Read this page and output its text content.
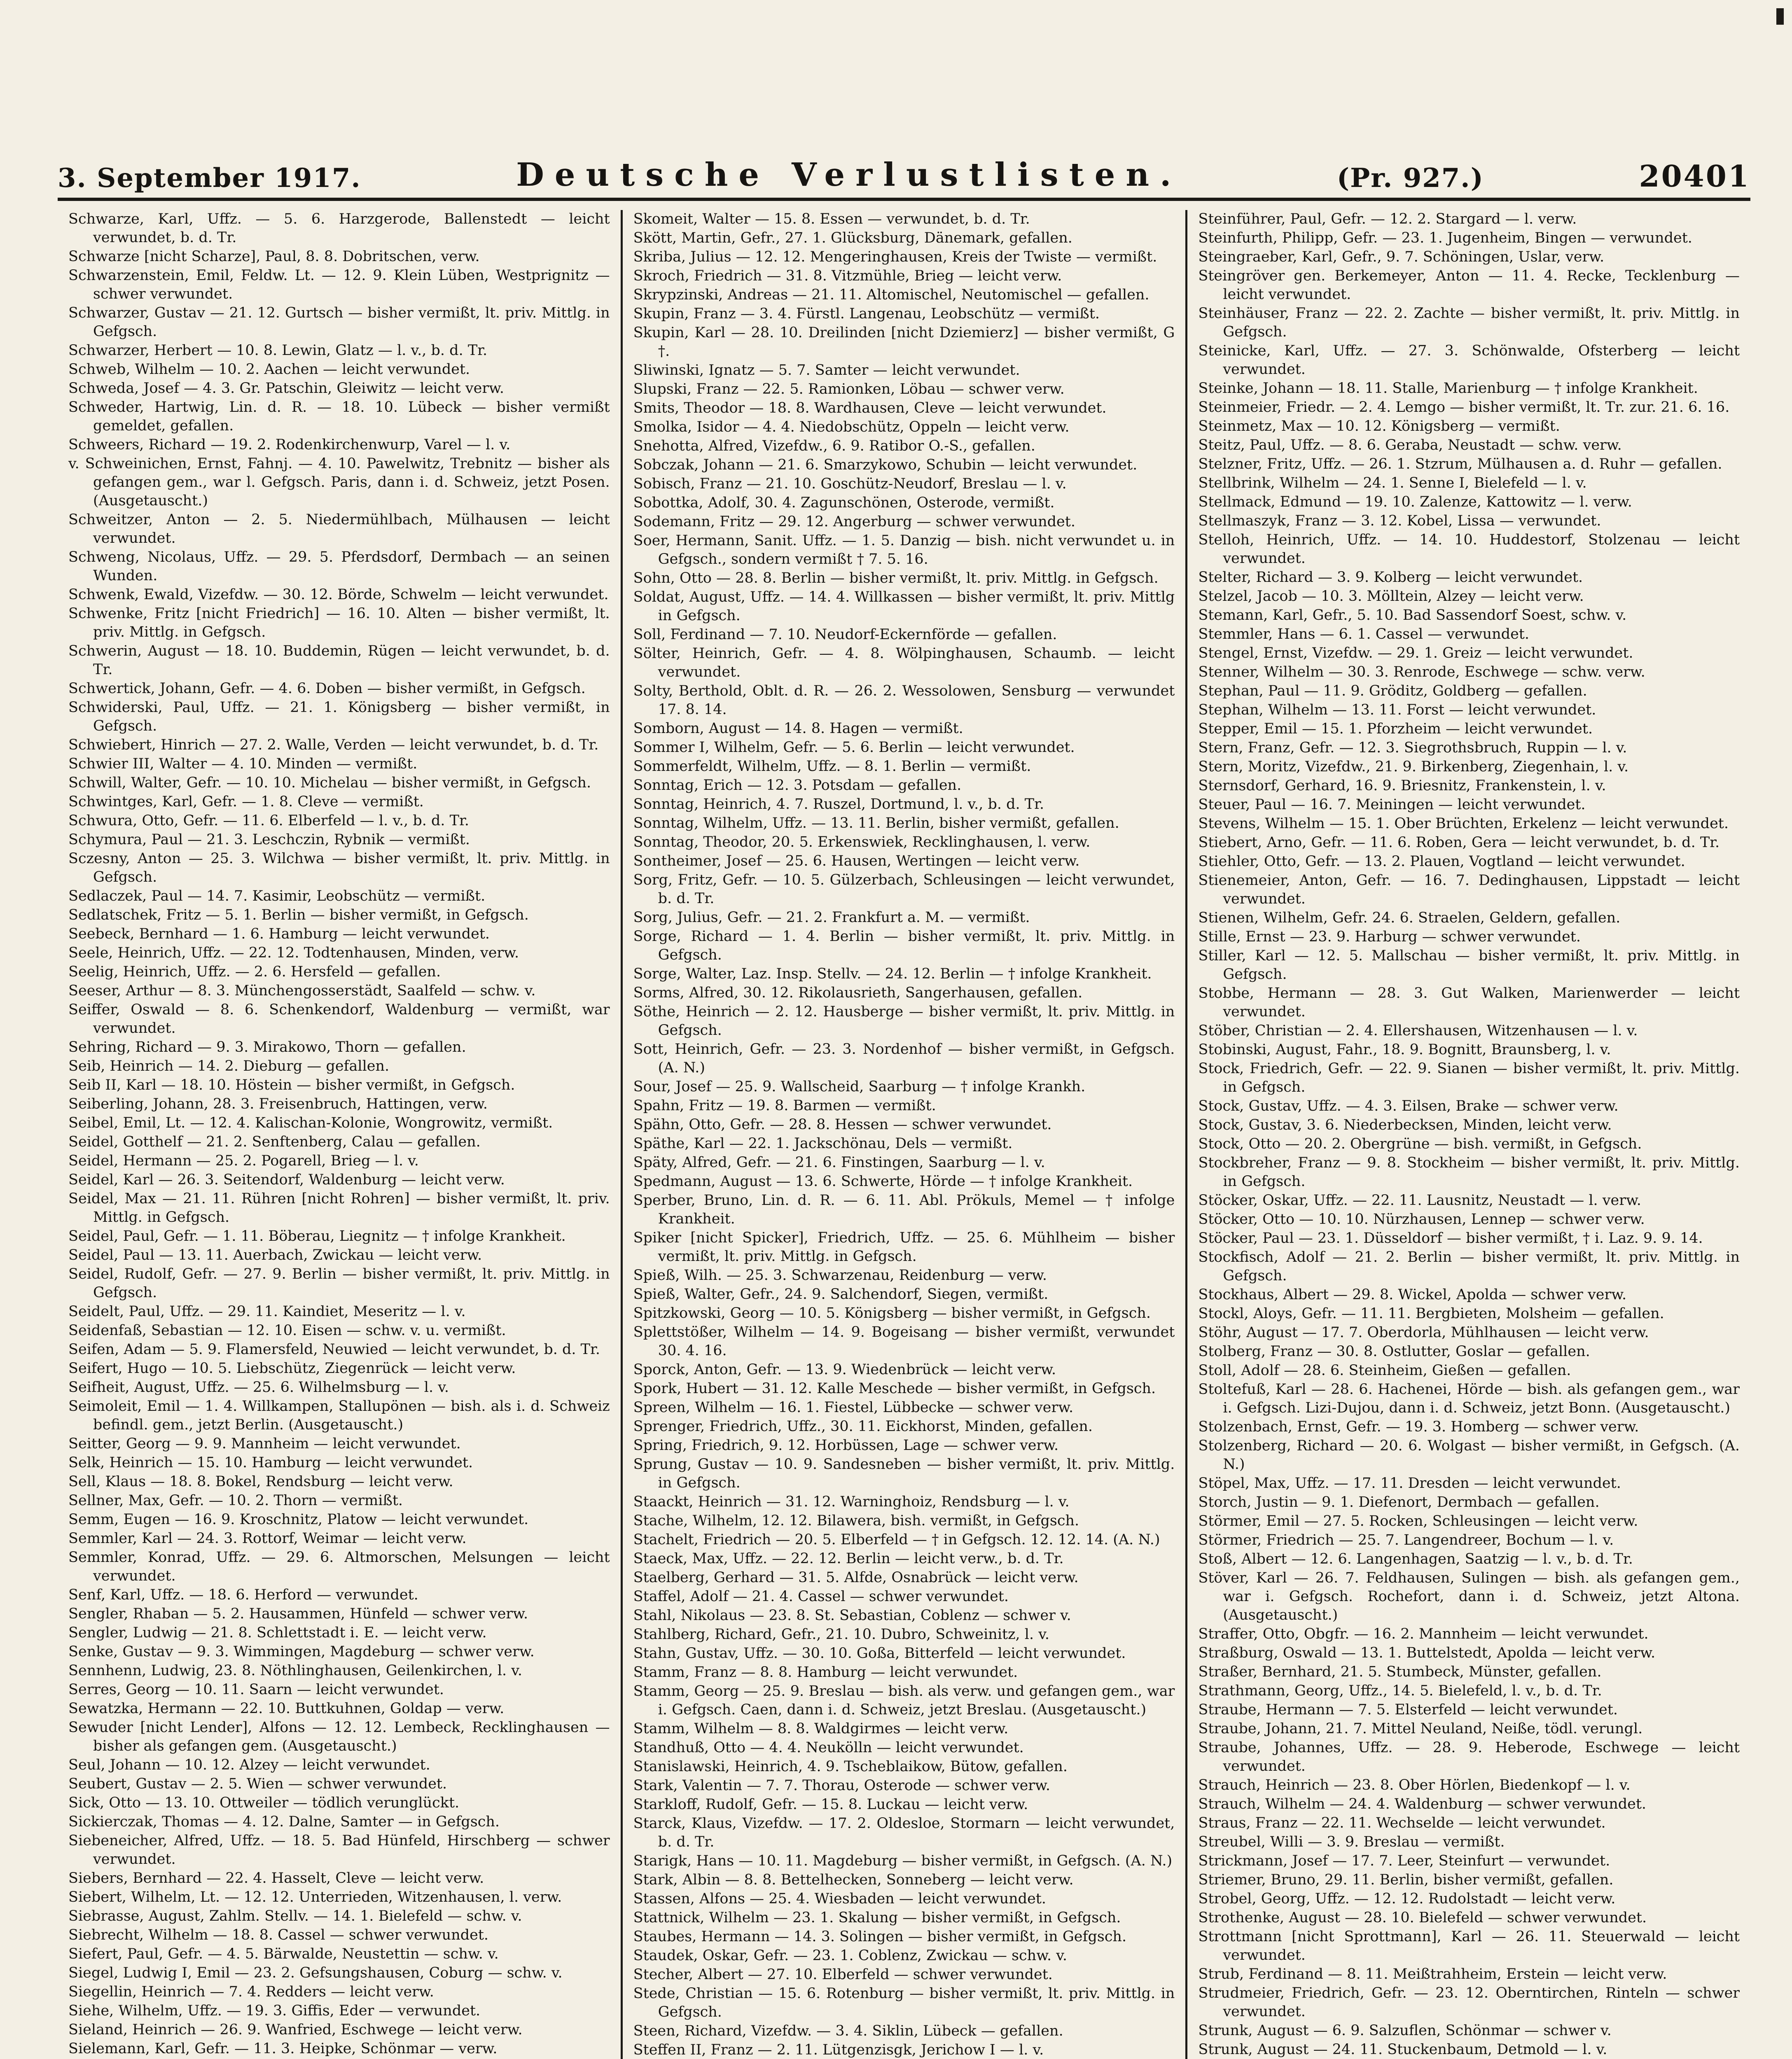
3. September 1917.	Deutsche Verlustlisten.	(Pr. 927.)	20401

Schwarze, Karl, Uffz. — 5. 6. Harzgerode, Ballenstedt — leicht verwundet, b. d. Tr.

Schwarze [nicht Scharze], Paul, 8. 8. Dobritschen, verw.

Schwarzenstein, Emil, Feldw. Lt. — 12. 9. Klein Lüben, Westprignitz — schwer verwundet.

Schwarzer, Gustav — 21. 12. Gurtsch — bisher vermißt, lt. priv. Mittlg. in Gefgsch.

Schwarzer, Herbert — 10. 8. Lewin, Glatz — l. v., b. d. Tr.

Schweb, Wilhelm — 10. 2. Aachen — leicht verwundet.

Schweda, Josef — 4. 3. Gr. Patschin, Gleiwitz — leicht verw.

Schweder, Hartwig, Lin. d. R. — 18. 10. Lübeck — bisher vermißt gemeldet, gefallen.

Schweers, Richard — 19. 2. Rodenkirchenwurp, Varel — l. v.

v. Schweinichen, Ernst, Fahnj. — 4. 10. Pawelwitz, Trebnitz — bisher als gefangen gem., war l. Gefgsch. Paris, dann i. d. Schweiz, jetzt Posen. (Ausgetauscht.)

Schweitzer, Anton — 2. 5. Niedermühlbach, Mülhausen — leicht verwundet.

Schweng, Nicolaus, Uffz. — 29. 5. Pferdsdorf, Dermbach — an seinen Wunden.

Schwenk, Ewald, Vizefdw. — 30. 12. Börde, Schwelm — leicht verwundet.

Schwenke, Fritz [nicht Friedrich] — 16. 10. Alten — bisher vermißt, lt. priv. Mittlg. in Gefgsch.

Schwerin, August — 18. 10. Buddemin, Rügen — leicht verwundet, b. d. Tr.

Schwertick, Johann, Gefr. — 4. 6. Doben — bisher vermißt, in Gefgsch.

Schwiderski, Paul, Uffz. — 21. 1. Königsberg — bisher vermißt, in Gefgsch.

Schwiebert, Hinrich — 27. 2. Walle, Verden — leicht verwundet, b. d. Tr.

Schwier III, Walter — 4. 10. Minden — vermißt.

Schwill, Walter, Gefr. — 10. 10. Michelau — bisher vermißt, in Gefgsch.

Schwintges, Karl, Gefr. — 1. 8. Cleve — vermißt.

Schwura, Otto, Gefr. — 11. 6. Elberfeld — l. v., b. d. Tr.

Schymura, Paul — 21. 3. Leschczin, Rybnik — vermißt.

Sczesny, Anton — 25. 3. Wilchwa — bisher vermißt, lt. priv. Mittlg. in Gefgsch.

Sedlaczek, Paul — 14. 7. Kasimir, Leobschütz — vermißt.

Sedlatschek, Fritz — 5. 1. Berlin — bisher vermißt, in Gefgsch.

Seebeck, Bernhard — 1. 6. Hamburg — leicht verwundet.

Seele, Heinrich, Uffz. — 22. 12. Todtenhausen, Minden, verw.

Seelig, Heinrich, Uffz. — 2. 6. Hersfeld — gefallen.

Seeser, Arthur — 8. 3. Münchengosserstädt, Saalfeld — schw. v.

Seiffer, Oswald — 8. 6. Schenkendorf, Waldenburg — vermißt, war verwundet.

Sehring, Richard — 9. 3. Mirakowo, Thorn — gefallen.

Seib, Heinrich — 14. 2. Dieburg — gefallen.

Seib II, Karl — 18. 10. Höstein — bisher vermißt, in Gefgsch.

Seiberling, Johann, 28. 3. Freisenbruch, Hattingen, verw.

Seibel, Emil, Lt. — 12. 4. Kalischan-Kolonie, Wongrowitz, vermißt.

Seidel, Gotthelf — 21. 2. Senftenberg, Calau — gefallen.

Seidel, Hermann — 25. 2. Pogarell, Brieg — l. v.

Seidel, Karl — 26. 3. Seitendorf, Waldenburg — leicht verw.

Seidel, Max — 21. 11. Rühren [nicht Rohren] — bisher vermißt, lt. priv. Mittlg. in Gefgsch.

Seidel, Paul, Gefr. — 1. 11. Böberau, Liegnitz — † infolge Krankheit.

Seidel, Paul — 13. 11. Auerbach, Zwickau — leicht verw.

Seidel, Rudolf, Gefr. — 27. 9. Berlin — bisher vermißt, lt. priv. Mittlg. in Gefgsch.

Seidelt, Paul, Uffz. — 29. 11. Kaindiet, Meseritz — l. v.

Seidenfaß, Sebastian — 12. 10. Eisen — schw. v. u. vermißt.

Seifen, Adam — 5. 9. Flamersfeld, Neuwied — leicht verwundet, b. d. Tr.

Seifert, Hugo — 10. 5. Liebschütz, Ziegenrück — leicht verw.

Seifheit, August, Uffz. — 25. 6. Wilhelmsburg — l. v.

Seimoleit, Emil — 1. 4. Willkampen, Stallupönen — bish. als i. d. Schweiz befindl. gem., jetzt Berlin. (Ausgetauscht.)

Seitter, Georg — 9. 9. Mannheim — leicht verwundet.

Selk, Heinrich — 15. 10. Hamburg — leicht verwundet.

Sell, Klaus — 18. 8. Bokel, Rendsburg — leicht verw.

Sellner, Max, Gefr. — 10. 2. Thorn — vermißt.

Semm, Eugen — 16. 9. Kroschnitz, Platow — leicht verwundet.

Semmler, Karl — 24. 3. Rottorf, Weimar — leicht verw.

Semmler, Konrad, Uffz. — 29. 6. Altmorschen, Melsungen — leicht verwundet.

Senf, Karl, Uffz. — 18. 6. Herford — verwundet.

Sengler, Rhaban — 5. 2. Hausammen, Hünfeld — schwer verw.

Sengler, Ludwig — 21. 8. Schlettstadt i. E. — leicht verw.

Senke, Gustav — 9. 3. Wimmingen, Magdeburg — schwer verw.

Sennhenn, Ludwig, 23. 8. Nöthlinghausen, Geilenkirchen, l. v.

Serres, Georg — 10. 11. Saarn — leicht verwundet.

Sewatzka, Hermann — 22. 10. Buttkuhnen, Goldap — verw.

Sewuder [nicht Lender], Alfons — 12. 12. Lembeck, Recklinghausen — bisher als gefangen gem. (Ausgetauscht.)

Seul, Johann — 10. 12. Alzey — leicht verwundet.

Seubert, Gustav — 2. 5. Wien — schwer verwundet.

Sick, Otto — 13. 10. Ottweiler — tödlich verunglückt.

Sickierczak, Thomas — 4. 12. Dalne, Samter — in Gefgsch.

Siebeneicher, Alfred, Uffz. — 18. 5. Bad Hünfeld, Hirschberg — schwer verwundet.

Siebers, Bernhard — 22. 4. Hasselt, Cleve — leicht verw.

Siebert, Wilhelm, Lt. — 12. 12. Unterrieden, Witzenhausen, l. verw.

Siebrasse, August, Zahlm. Stellv. — 14. 1. Bielefeld — schw. v.

Siebrecht, Wilhelm — 18. 8. Cassel — schwer verwundet.

Siefert, Paul, Gefr. — 4. 5. Bärwalde, Neustettin — schw. v.

Siegel, Ludwig I, Emil — 23. 2. Gefsungshausen, Coburg — schw. v.

Siegellin, Heinrich — 7. 4. Redders — leicht verw.

Siehe, Wilhelm, Uffz. — 19. 3. Giffis, Eder — verwundet.

Sieland, Heinrich — 26. 9. Wanfried, Eschwege — leicht verw.

Sielemann, Karl, Gefr. — 11. 3. Heipke, Schönmar — verw.

Skomeit, Walter — 15. 8. Essen — verwundet, b. d. Tr.

Skött, Martin, Gefr., 27. 1. Glücksburg, Dänemark, gefallen.

Skriba, Julius — 12. 12. Mengeringhausen, Kreis der Twiste — vermißt.

Skroch, Friedrich — 31. 8. Vitzmühle, Brieg — leicht verw.

Skrypzinski, Andreas — 21. 11. Altomischel, Neutomischel — gefallen.

Skupin, Franz — 3. 4. Fürstl. Langenau, Leobschütz — vermißt.

Skupin, Karl — 28. 10. Dreilinden [nicht Dziemierz] — bisher vermißt, G †.

Sliwinski, Ignatz — 5. 7. Samter — leicht verwundet.

Slupski, Franz — 22. 5. Ramionken, Löbau — schwer verw.

Smits, Theodor — 18. 8. Wardhausen, Cleve — leicht verwundet.

Smolka, Isidor — 4. 4. Niedobschütz, Oppeln — leicht verw.

Snehotta, Alfred, Vizefdw., 6. 9. Ratibor O.-S., gefallen.

Sobczak, Johann — 21. 6. Smarzykowo, Schubin — leicht verwundet.

Sobisch, Franz — 21. 10. Goschütz-Neudorf, Breslau — l. v.

Sobottka, Adolf, 30. 4. Zagunschönen, Osterode, vermißt.

Sodemann, Fritz — 29. 12. Angerburg — schwer verwundet.

Soer, Hermann, Sanit. Uffz. — 1. 5. Danzig — bish. nicht verwundet u. in Gefgsch., sondern vermißt † 7. 5. 16.

Sohn, Otto — 28. 8. Berlin — bisher vermißt, lt. priv. Mittlg. in Gefgsch.

Soldat, August, Uffz. — 14. 4. Willkassen — bisher vermißt, lt. priv. Mittlg in Gefgsch.

Soll, Ferdinand — 7. 10. Neudorf-Eckernförde — gefallen.

Sölter, Heinrich, Gefr. — 4. 8. Wölpinghausen, Schaumb. — leicht verwundet.

Solty, Berthold, Oblt. d. R. — 26. 2. Wessolowen, Sensburg — verwundet 17. 8. 14.

Somborn, August — 14. 8. Hagen — vermißt.

Sommer I, Wilhelm, Gefr. — 5. 6. Berlin — leicht verwundet.

Sommerfeldt, Wilhelm, Uffz. — 8. 1. Berlin — vermißt.

Sonntag, Erich — 12. 3. Potsdam — gefallen.

Sonntag, Heinrich, 4. 7. Ruszel, Dortmund, l. v., b. d. Tr.

Sonntag, Wilhelm, Uffz. — 13. 11. Berlin, bisher vermißt, gefallen.

Sonntag, Theodor, 20. 5. Erkenswiek, Recklinghausen, l. verw.

Sontheimer, Josef — 25. 6. Hausen, Wertingen — leicht verw.

Sorg, Fritz, Gefr. — 10. 5. Gülzerbach, Schleusingen — leicht verwundet, b. d. Tr.

Sorg, Julius, Gefr. — 21. 2. Frankfurt a. M. — vermißt.

Sorge, Richard — 1. 4. Berlin — bisher vermißt, lt. priv. Mittlg. in Gefgsch.

Sorge, Walter, Laz. Insp. Stellv. — 24. 12. Berlin — † infolge Krankheit.

Sorms, Alfred, 30. 12. Rikolausrieth, Sangerhausen, gefallen.

Söthe, Heinrich — 2. 12. Hausberge — bisher vermißt, lt. priv. Mittlg. in Gefgsch.

Sott, Heinrich, Gefr. — 23. 3. Nordenhof — bisher vermißt, in Gefgsch. (A. N.)

Sour, Josef — 25. 9. Wallscheid, Saarburg — † infolge Krankh.

Spahn, Fritz — 19. 8. Barmen — vermißt.

Spähn, Otto, Gefr. — 28. 8. Hessen — schwer verwundet.

Späthe, Karl — 22. 1. Jackschönau, Dels — vermißt.

Späty, Alfred, Gefr. — 21. 6. Finstingen, Saarburg — l. v.

Spedmann, August — 13. 6. Schwerte, Hörde — † infolge Krankheit.

Sperber, Bruno, Lin. d. R. — 6. 11. Abl. Prökuls, Memel — † infolge Krankheit.

Spiker [nicht Spicker], Friedrich, Uffz. — 25. 6. Mühlheim — bisher vermißt, lt. priv. Mittlg. in Gefgsch.

Spieß, Wilh. — 25. 3. Schwarzenau, Reidenburg — verw.

Spieß, Walter, Gefr., 24. 9. Salchendorf, Siegen, vermißt.

Spitzkowski, Georg — 10. 5. Königsberg — bisher vermißt, in Gefgsch.

Splettstößer, Wilhelm — 14. 9. Bogeisang — bisher vermißt, verwundet 30. 4. 16.

Sporck, Anton, Gefr. — 13. 9. Wiedenbrück — leicht verw.

Spork, Hubert — 31. 12. Kalle Meschede — bisher vermißt, in Gefgsch.

Spreen, Wilhelm — 16. 1. Fiestel, Lübbecke — schwer verw.

Sprenger, Friedrich, Uffz., 30. 11. Eickhorst, Minden, gefallen.

Spring, Friedrich, 9. 12. Horbüssen, Lage — schwer verw.

Sprung, Gustav — 10. 9. Sandesneben — bisher vermißt, lt. priv. Mittlg. in Gefgsch.

Staackt, Heinrich — 31. 12. Warninghoiz, Rendsburg — l. v.

Stache, Wilhelm, 12. 12. Bilawera, bish. vermißt, in Gefgsch.

Stachelt, Friedrich — 20. 5. Elberfeld — † in Gefgsch. 12. 12. 14. (A. N.)

Staeck, Max, Uffz. — 22. 12. Berlin — leicht verw., b. d. Tr.

Staelberg, Gerhard — 31. 5. Alfde, Osnabrück — leicht verw.

Staffel, Adolf — 21. 4. Cassel — schwer verwundet.

Stahl, Nikolaus — 23. 8. St. Sebastian, Coblenz — schwer v.

Stahlberg, Richard, Gefr., 21. 10. Dubro, Schweinitz, l. v.

Stahn, Gustav, Uffz. — 30. 10. Goßa, Bitterfeld — leicht verwundet.

Stamm, Franz — 8. 8. Hamburg — leicht verwundet.

Stamm, Georg — 25. 9. Breslau — bish. als verw. und gefangen gem., war i. Gefgsch. Caen, dann i. d. Schweiz, jetzt Breslau. (Ausgetauscht.)

Stamm, Wilhelm — 8. 8. Waldgirmes — leicht verw.

Standhuß, Otto — 4. 4. Neukölln — leicht verwundet.

Stanislawski, Heinrich, 4. 9. Tscheblaikow, Bütow, gefallen.

Stark, Valentin — 7. 7. Thorau, Osterode — schwer verw.

Starkloff, Rudolf, Gefr. — 15. 8. Luckau — leicht verw.

Starck, Klaus, Vizefdw. — 17. 2. Oldesloe, Stormarn — leicht verwundet, b. d. Tr.

Starigk, Hans — 10. 11. Magdeburg — bisher vermißt, in Gefgsch. (A. N.)

Stark, Albin — 8. 8. Bettelhecken, Sonneberg — leicht verw.

Stassen, Alfons — 25. 4. Wiesbaden — leicht verwundet.

Stattnick, Wilhelm — 23. 1. Skalung — bisher vermißt, in Gefgsch.

Staubes, Hermann — 14. 3. Solingen — bisher vermißt, in Gefgsch.

Staudek, Oskar, Gefr. — 23. 1. Coblenz, Zwickau — schw. v.

Stecher, Albert — 27. 10. Elberfeld — schwer verwundet.

Stede, Christian — 15. 6. Rotenburg — bisher vermißt, lt. priv. Mittlg. in Gefgsch.

Steen, Richard, Vizefdw. — 3. 4. Siklin, Lübeck — gefallen.

Steffen II, Franz — 2. 11. Lütgenzisgk, Jerichow I — l. v.

Steinführer, Paul, Gefr. — 12. 2. Stargard — l. verw.

Steinfurth, Philipp, Gefr. — 23. 1. Jugenheim, Bingen — verwundet.

Steingraeber, Karl, Gefr., 9. 7. Schöningen, Uslar, verw.

Steingröver gen. Berkemeyer, Anton — 11. 4. Recke, Tecklenburg — leicht verwundet.

Steinhäuser, Franz — 22. 2. Zachte — bisher vermißt, lt. priv. Mittlg. in Gefgsch.

Steinicke, Karl, Uffz. — 27. 3. Schönwalde, Ofsterberg — leicht verwundet.

Steinke, Johann — 18. 11. Stalle, Marienburg — † infolge Krankheit.

Steinmeier, Friedr. — 2. 4. Lemgo — bisher vermißt, lt. Tr. zur. 21. 6. 16.

Steinmetz, Max — 10. 12. Königsberg — vermißt.

Steitz, Paul, Uffz. — 8. 6. Geraba, Neustadt — schw. verw.

Stelzner, Fritz, Uffz. — 26. 1. Stzrum, Mülhausen a. d. Ruhr — gefallen.

Stellbrink, Wilhelm — 24. 1. Senne I, Bielefeld — l. v.

Stellmack, Edmund — 19. 10. Zalenze, Kattowitz — l. verw.

Stellmaszyk, Franz — 3. 12. Kobel, Lissa — verwundet.

Stelloh, Heinrich, Uffz. — 14. 10. Huddestorf, Stolzenau — leicht verwundet.

Stelter, Richard — 3. 9. Kolberg — leicht verwundet.

Stelzel, Jacob — 10. 3. Mölltein, Alzey — leicht verw.

Stemann, Karl, Gefr., 5. 10. Bad Sassendorf Soest, schw. v.

Stemmler, Hans — 6. 1. Cassel — verwundet.

Stengel, Ernst, Vizefdw. — 29. 1. Greiz — leicht verwundet.

Stenner, Wilhelm — 30. 3. Renrode, Eschwege — schw. verw.

Stephan, Paul — 11. 9. Gröditz, Goldberg — gefallen.

Stephan, Wilhelm — 13. 11. Forst — leicht verwundet.

Stepper, Emil — 15. 1. Pforzheim — leicht verwundet.

Stern, Franz, Gefr. — 12. 3. Siegrothsbruch, Ruppin — l. v.

Stern, Moritz, Vizefdw., 21. 9. Birkenberg, Ziegenhain, l. v.

Sternsdorf, Gerhard, 16. 9. Briesnitz, Frankenstein, l. v.

Steuer, Paul — 16. 7. Meiningen — leicht verwundet.

Stevens, Wilhelm — 15. 1. Ober Brüchten, Erkelenz — leicht verwundet.

Stiebert, Arno, Gefr. — 11. 6. Roben, Gera — leicht verwundet, b. d. Tr.

Stiehler, Otto, Gefr. — 13. 2. Plauen, Vogtland — leicht verwundet.

Stienemeier, Anton, Gefr. — 16. 7. Dedinghausen, Lippstadt — leicht verwundet.

Stienen, Wilhelm, Gefr. 24. 6. Straelen, Geldern, gefallen.

Stille, Ernst — 23. 9. Harburg — schwer verwundet.

Stiller, Karl — 12. 5. Mallschau — bisher vermißt, lt. priv. Mittlg. in Gefgsch.

Stobbe, Hermann — 28. 3. Gut Walken, Marienwerder — leicht verwundet.

Stöber, Christian — 2. 4. Ellershausen, Witzenhausen — l. v.

Stobinski, August, Fahr., 18. 9. Bognitt, Braunsberg, l. v.

Stock, Friedrich, Gefr. — 22. 9. Sianen — bisher vermißt, lt. priv. Mittlg. in Gefgsch.

Stock, Gustav, Uffz. — 4. 3. Eilsen, Brake — schwer verw.

Stock, Gustav, 3. 6. Niederbecksen, Minden, leicht verw.

Stock, Otto — 20. 2. Obergrüne — bish. vermißt, in Gefgsch.

Stockbreher, Franz — 9. 8. Stockheim — bisher vermißt, lt. priv. Mittlg. in Gefgsch.

Stöcker, Oskar, Uffz. — 22. 11. Lausnitz, Neustadt — l. verw.

Stöcker, Otto — 10. 10. Nürzhausen, Lennep — schwer verw.

Stöcker, Paul — 23. 1. Düsseldorf — bisher vermißt, † i. Laz. 9. 9. 14.

Stockfisch, Adolf — 21. 2. Berlin — bisher vermißt, lt. priv. Mittlg. in Gefgsch.

Stockhaus, Albert — 29. 8. Wickel, Apolda — schwer verw.

Stockl, Aloys, Gefr. — 11. 11. Bergbieten, Molsheim — gefallen.

Stöhr, August — 17. 7. Oberdorla, Mühlhausen — leicht verw.

Stolberg, Franz — 30. 8. Ostlutter, Goslar — gefallen.

Stoll, Adolf — 28. 6. Steinheim, Gießen — gefallen.

Stoltefuß, Karl — 28. 6. Hachenei, Hörde — bish. als gefangen gem., war i. Gefgsch. Lizi-Dujou, dann i. d. Schweiz, jetzt Bonn. (Ausgetauscht.)

Stolzenbach, Ernst, Gefr. — 19. 3. Homberg — schwer verw.

Stolzenberg, Richard — 20. 6. Wolgast — bisher vermißt, in Gefgsch. (A. N.)

Stöpel, Max, Uffz. — 17. 11. Dresden — leicht verwundet.

Storch, Justin — 9. 1. Diefenort, Dermbach — gefallen.

Störmer, Emil — 27. 5. Rocken, Schleusingen — leicht verw.

Störmer, Friedrich — 25. 7. Langendreer, Bochum — l. v.

Stoß, Albert — 12. 6. Langenhagen, Saatzig — l. v., b. d. Tr.

Stöver, Karl — 26. 7. Feldhausen, Sulingen — bish. als gefangen gem., war i. Gefgsch. Rochefort, dann i. d. Schweiz, jetzt Altona. (Ausgetauscht.)

Straffer, Otto, Obgfr. — 16. 2. Mannheim — leicht verwundet.

Straßburg, Oswald — 13. 1. Buttelstedt, Apolda — leicht verw.

Straßer, Bernhard, 21. 5. Stumbeck, Münster, gefallen.

Strathmann, Georg, Uffz., 14. 5. Bielefeld, l. v., b. d. Tr.

Straube, Hermann — 7. 5. Elsterfeld — leicht verwundet.

Straube, Johann, 21. 7. Mittel Neuland, Neiße, tödl. verungl.

Straube, Johannes, Uffz. — 28. 9. Heberode, Eschwege — leicht verwundet.

Strauch, Heinrich — 23. 8. Ober Hörlen, Biedenkopf — l. v.

Strauch, Wilhelm — 24. 4. Waldenburg — schwer verwundet.

Straus, Franz — 22. 11. Wechselde — leicht verwundet.

Streubel, Willi — 3. 9. Breslau — vermißt.

Strickmann, Josef — 17. 7. Leer, Steinfurt — verwundet.

Striemer, Bruno, 29. 11. Berlin, bisher vermißt, gefallen.

Strobel, Georg, Uffz. — 12. 12. Rudolstadt — leicht verw.

Strothenke, August — 28. 10. Bielefeld — schwer verwundet.

Strottmann [nicht Sprottmann], Karl — 26. 11. Steuerwald — leicht verwundet.

Strub, Ferdinand — 8. 11. Meißtrahheim, Erstein — leicht verw.

Strudmeier, Friedrich, Gefr. — 23. 12. Oberntirchen, Rinteln — schwer verwundet.

Strunk, August — 6. 9. Salzuflen, Schönmar — schwer v.

Strunk, August — 24. 11. Stuckenbaum, Detmold — l. v.
